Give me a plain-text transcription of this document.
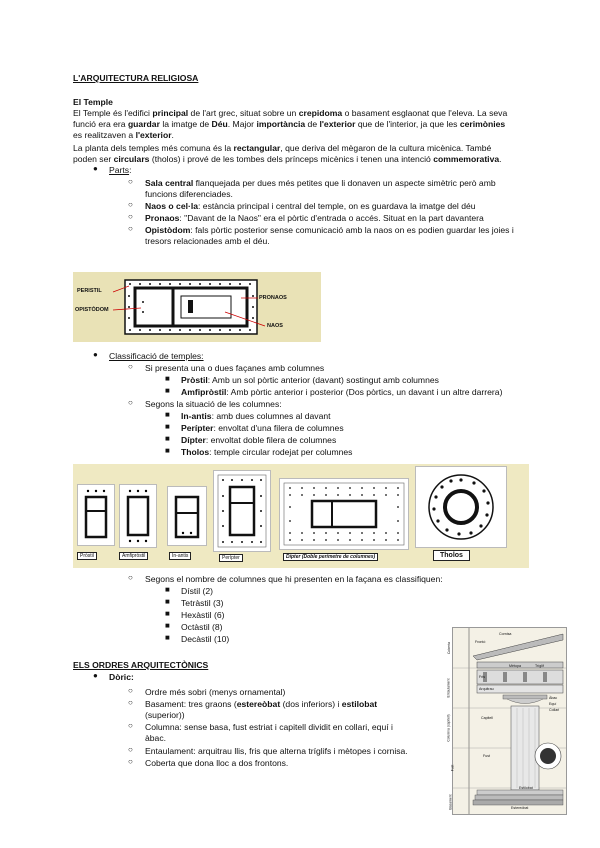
L'ARQUITECTURA RELIGIOSA
El Temple
El Temple és l'edifici principal de l'art grec, situat sobre un crepidoma o basament esglaonat que l'eleva. La seva
funció era era guardar la imatge de Déu. Major importància de l'exterior que de l'interior, ja que les cerimònies
es realitzaven a l'exterior.
La planta dels temples més comuna és la rectangular, que deriva del mègaron de la cultura micènica. També
poden ser circulars (tholos) i prové de les tombes dels prínceps micènics i tenen una intenció commemorativa.
● Parts:
○ Sala central flanquejada per dues més petites que li donaven un aspecte simètric però amb
funcions diferenciades.
○ Naos o cel·la: estància principal i central del temple, on es guardava la imatge del déu
○ Pronaos: "Davant de la Naos" era el pòrtic d'entrada o accés. Situat en la part davantera
○ Opistòdom: fals pòrtic posterior sense comunicació amb la naos on es podien guardar les joies i
tresors relacionades amb el déu.
PERISTIL
OPISTÒDOM
PRONAOS
NAOS
● Classificació de temples:
○ Si presenta una o dues façanes amb columnes
■ Pròstil: Amb un sol pòrtic anterior (davant) sostingut amb columnes
■ Amfipròstil: Amb pòrtic anterior i posterior (Dos pòrtics, un davant i un altre darrera)
○ Segons la situació de les columnes:
■ In-antis: amb dues columnes al davant
■ Perípter: envoltat d'una filera de columnes
■ Dípter: envoltat doble filera de columnes
■ Tholos: temple circular rodejat per columnes
Pròstil	Amfipròstil	In-antis	Perípter	Dípter (Doble perímetre de columnes)	Tholos
○ Segons el nombre de columnes que hi presenten en la façana es classifiquen:
■ Dístil (2)
■ Tetràstil (3)
■ Hexàstil (6)
■ Octàstil (8)
■ Decàstil (10)
ELS ORDRES ARQUITECTÒNICS
● Dòric:
○ Ordre més sobri (menys ornamental)
○ Basament: tres graons (estereòbat (dos inferiors) i estilobat
(superior))
○ Columna: sense basa, fust estriat i capitell dividit en collari, equí i
àbac.
○ Entaulament: arquitrau llis, fris que alterna tríglifs i mètopes i cornisa.
○ Coberta que dona lloc a dos frontons.
Cornisa
Frontó
Fris
Arquitrau
Capitell
Fust
Estilobat
Estereòbat
Àbac
Equí
Collari
Tríglif
Mètopa
Coberta
Entaulament
Columna (capitell)
Fust
Basament
